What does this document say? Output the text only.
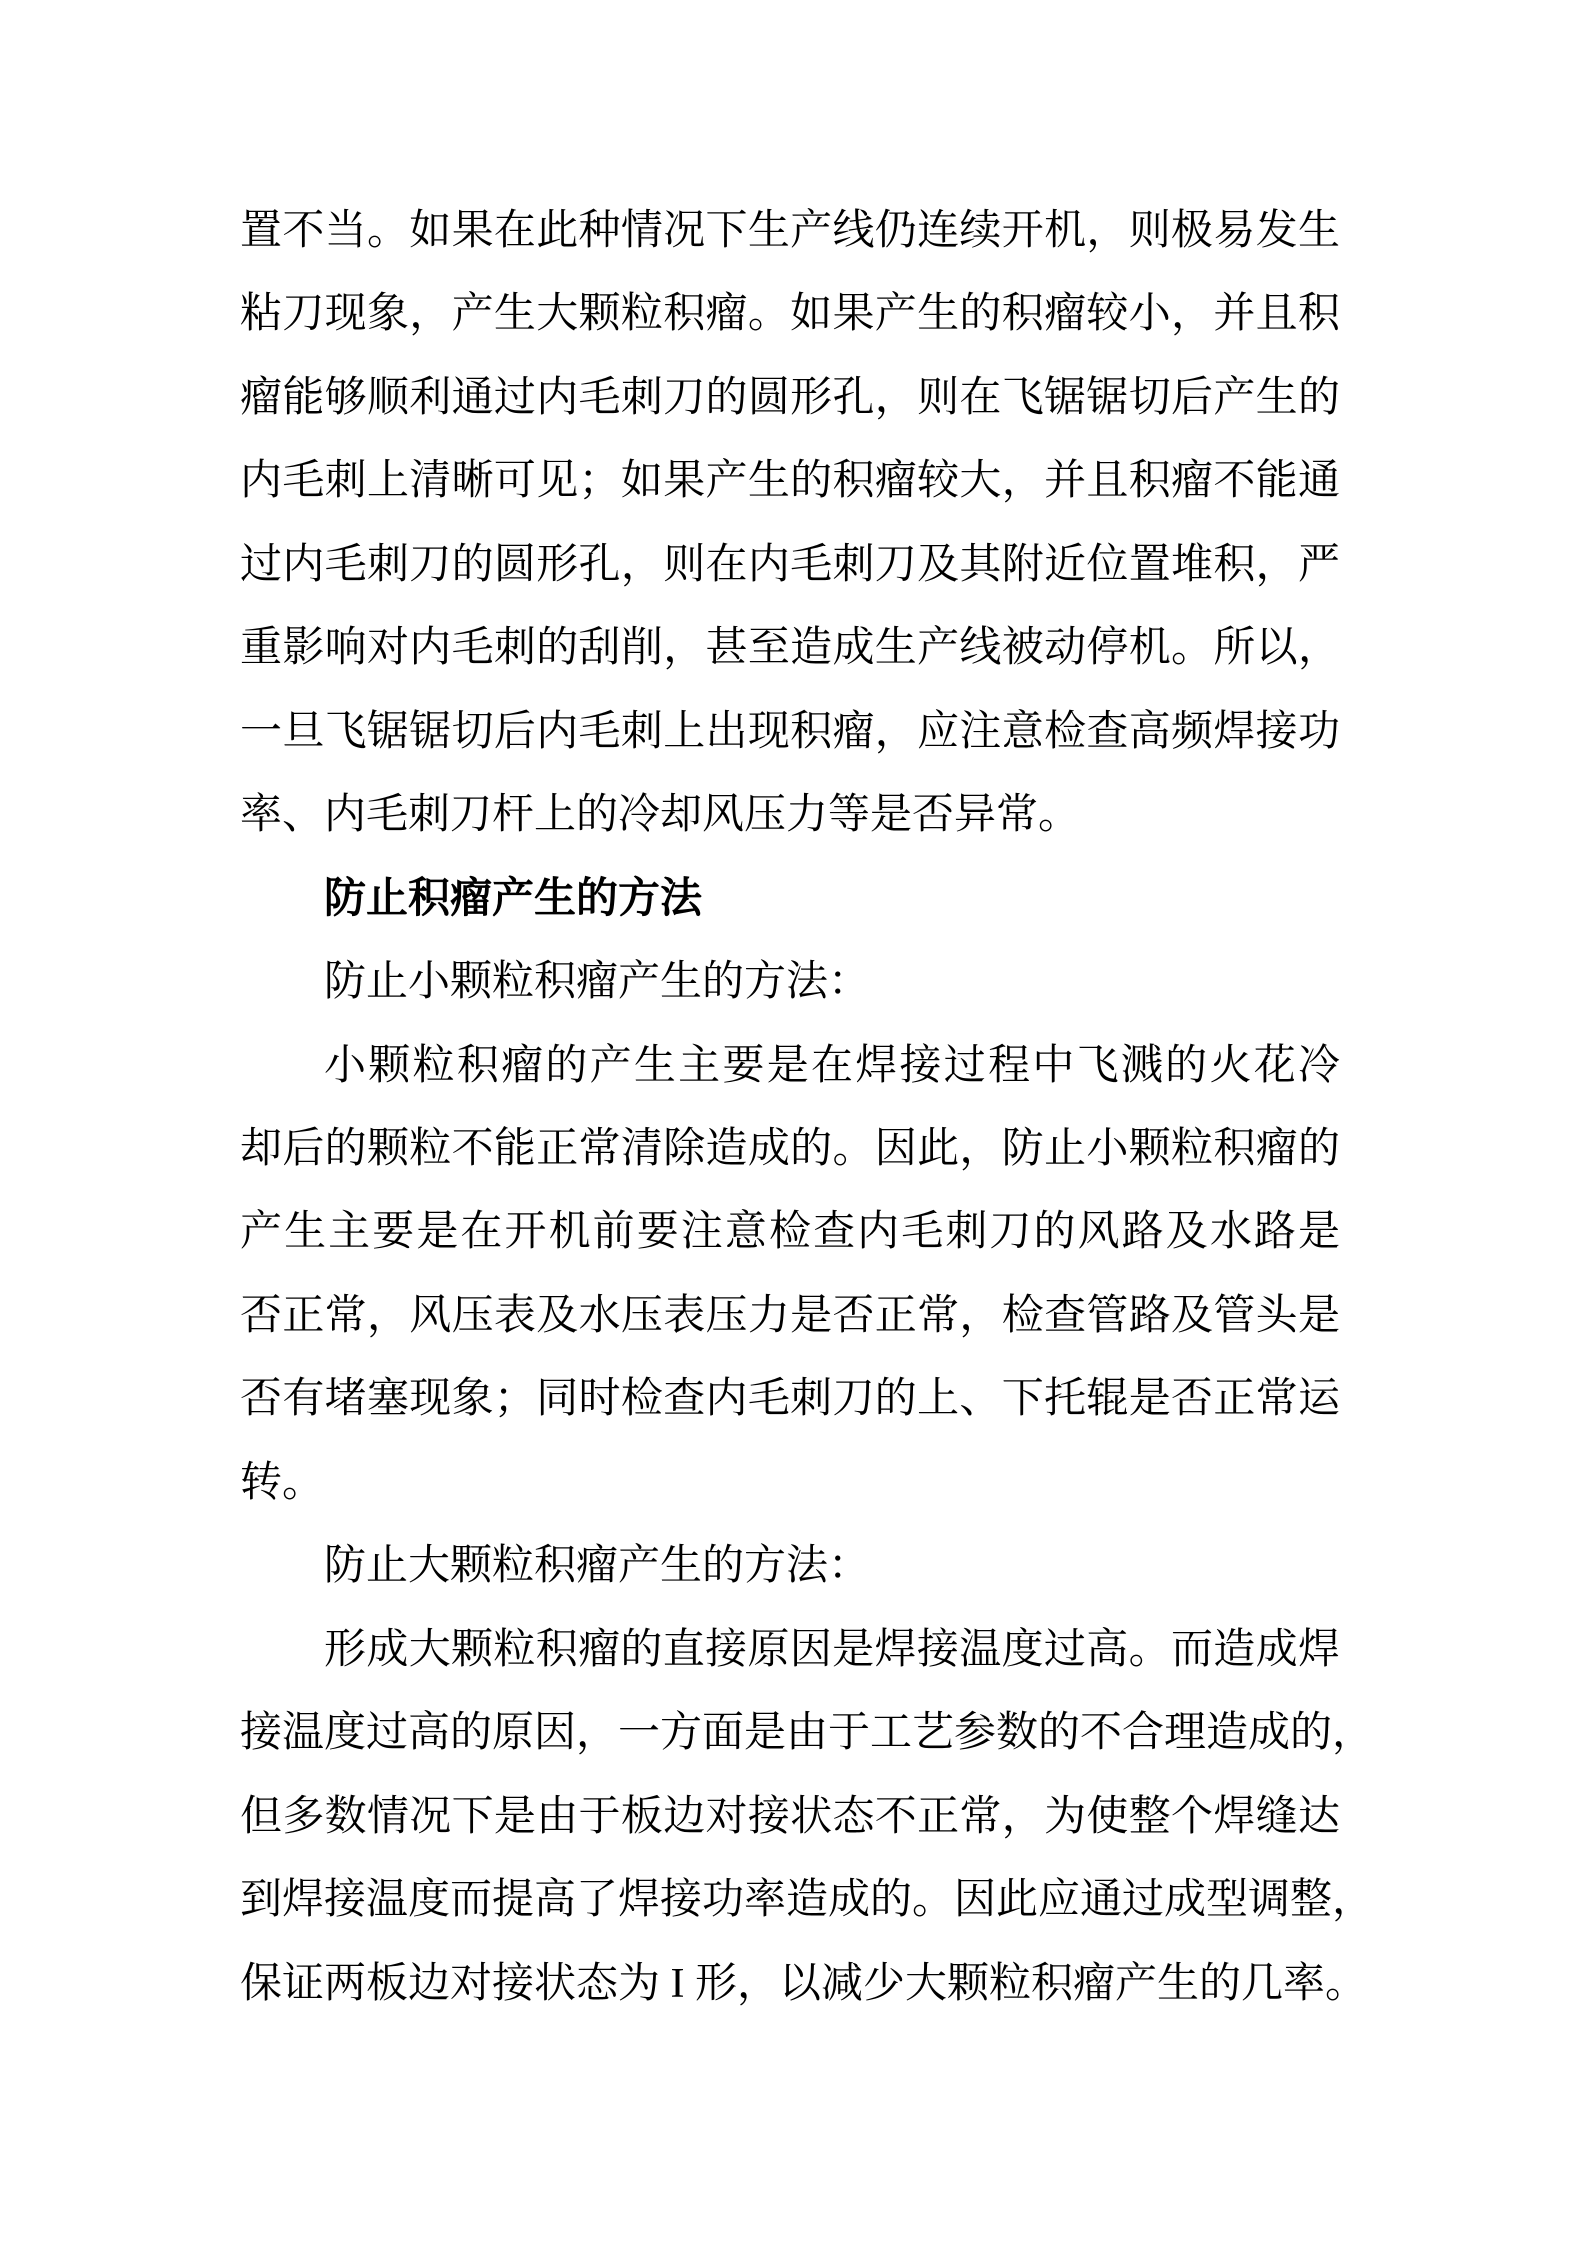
置不当。如果在此种情况下生产线仍连续开机，则极易发生
粘刀现象，产生大颗粒积瘤。如果产生的积瘤较小，并且积
瘤能够顺利通过内毛刺刀的圆形孔，则在飞锯锯切后产生的
内毛刺上清晰可见；如果产生的积瘤较大，并且积瘤不能通
过内毛刺刀的圆形孔，则在内毛刺刀及其附近位置堆积，严
重影响对内毛刺的刮削，甚至造成生产线被动停机。所以，
一旦飞锯锯切后内毛刺上出现积瘤，应注意检查高频焊接功
率、内毛刺刀杆上的冷却风压力等是否异常。
防止积瘤产生的方法
防止小颗粒积瘤产生的方法：
小颗粒积瘤的产生主要是在焊接过程中飞溅的火花冷
却后的颗粒不能正常清除造成的。因此，防止小颗粒积瘤的
产生主要是在开机前要注意检查内毛刺刀的风路及水路是
否正常，风压表及水压表压力是否正常，检查管路及管头是
否有堵塞现象；同时检查内毛刺刀的上、下托辊是否正常运
转。
防止大颗粒积瘤产生的方法：
形成大颗粒积瘤的直接原因是焊接温度过高。而造成焊
接温度过高的原因，一方面是由于工艺参数的不合理造成的，
但多数情况下是由于板边对接状态不正常，为使整个焊缝达
到焊接温度而提高了焊接功率造成的。因此应通过成型调整，
保证两板边对接状态为 I 形，以减少大颗粒积瘤产生的几率。
